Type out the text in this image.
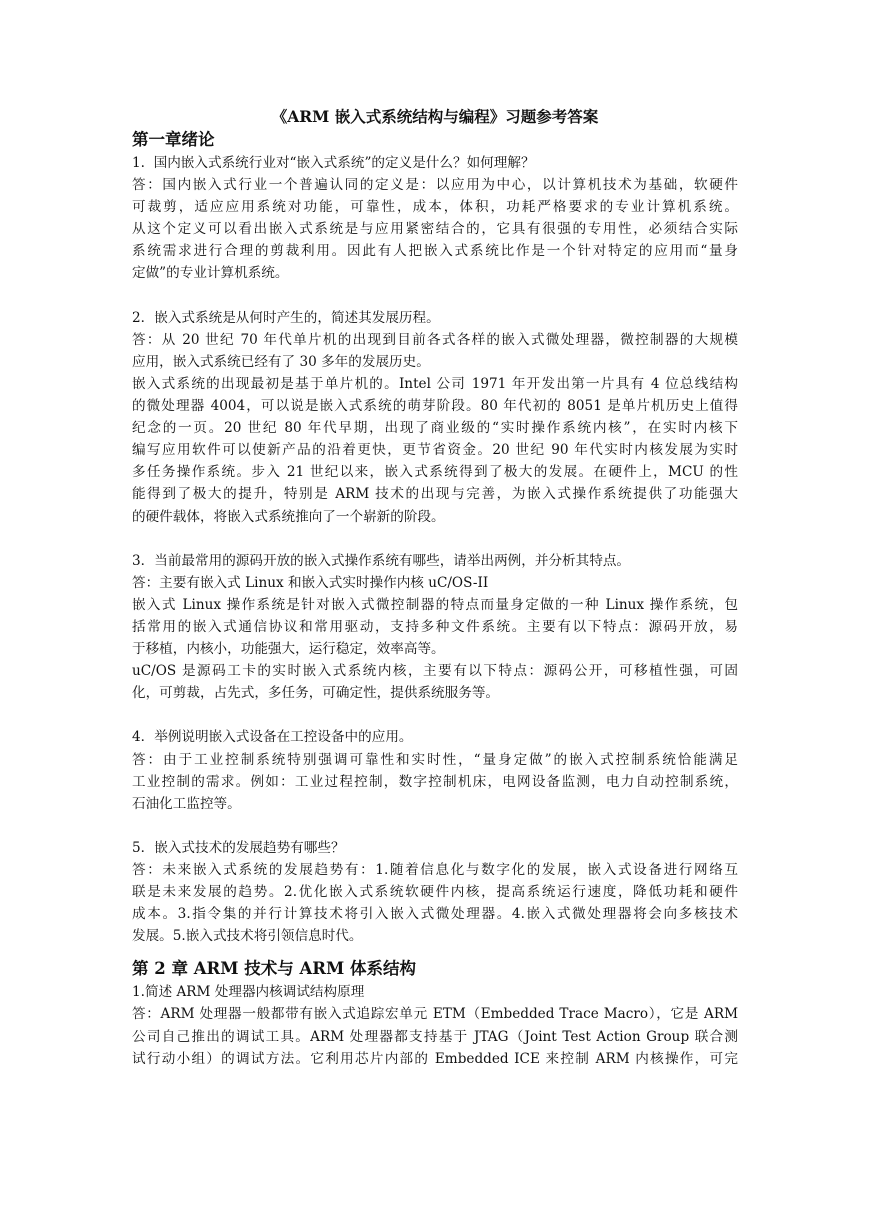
《ARM 嵌入式系统结构与编程》习题参考答案
第一章绪论
1.  国内嵌入式系统行业对“嵌入式系统”的定义是什么？如何理解？
答：国内嵌入式行业一个普遍认同的定义是：以应用为中心，以计算机技术为基础，软硬件
可裁剪，适应应用系统对功能，可靠性，成本，体积，功耗严格要求的专业计算机系统。
从这个定义可以看出嵌入式系统是与应用紧密结合的，它具有很强的专用性，必须结合实际
系统需求进行合理的剪裁利用。因此有人把嵌入式系统比作是一个针对特定的应用而“量身
定做”的专业计算机系统。
2．嵌入式系统是从何时产生的，简述其发展历程。
答：从 20 世纪 70 年代单片机的出现到目前各式各样的嵌入式微处理器，微控制器的大规模
应用，嵌入式系统已经有了 30 多年的发展历史。
嵌入式系统的出现最初是基于单片机的。Intel 公司 1971 年开发出第一片具有 4 位总线结构
的微处理器 4004，可以说是嵌入式系统的萌芽阶段。80 年代初的 8051 是单片机历史上值得
纪念的一页。20 世纪 80 年代早期，出现了商业级的“实时操作系统内核”，在实时内核下
编写应用软件可以使新产品的沿着更快，更节省资金。20 世纪 90 年代实时内核发展为实时
多任务操作系统。步入 21 世纪以来，嵌入式系统得到了极大的发展。在硬件上，MCU 的性
能得到了极大的提升，特别是 ARM 技术的出现与完善，为嵌入式操作系统提供了功能强大
的硬件载体，将嵌入式系统推向了一个崭新的阶段。
3．当前最常用的源码开放的嵌入式操作系统有哪些，请举出两例，并分析其特点。
答：主要有嵌入式 Linux 和嵌入式实时操作内核 uC/OS-II
嵌入式 Linux 操作系统是针对嵌入式微控制器的特点而量身定做的一种 Linux 操作系统，包
括常用的嵌入式通信协议和常用驱动，支持多种文件系统。主要有以下特点：源码开放，易
于移植，内核小，功能强大，运行稳定，效率高等。
uC/OS 是源码工卡的实时嵌入式系统内核，主要有以下特点：源码公开，可移植性强，可固
化，可剪裁，占先式，多任务，可确定性，提供系统服务等。
4．举例说明嵌入式设备在工控设备中的应用。
答：由于工业控制系统特别强调可靠性和实时性，“量身定做”的嵌入式控制系统恰能满足
工业控制的需求。例如：工业过程控制，数字控制机床，电网设备监测，电力自动控制系统，
石油化工监控等。
5．嵌入式技术的发展趋势有哪些？
答：未来嵌入式系统的发展趋势有：1.随着信息化与数字化的发展，嵌入式设备进行网络互
联是未来发展的趋势。2.优化嵌入式系统软硬件内核，提高系统运行速度，降低功耗和硬件
成本。3.指令集的并行计算技术将引入嵌入式微处理器。4.嵌入式微处理器将会向多核技术
发展。5.嵌入式技术将引领信息时代。
第 2 章 ARM 技术与 ARM 体系结构
1.简述 ARM 处理器内核调试结构原理
答：ARM 处理器一般都带有嵌入式追踪宏单元 ETM（Embedded Trace Macro），它是 ARM
公司自己推出的调试工具。ARM 处理器都支持基于 JTAG（Joint Test Action Group 联合测
试行动小组）的调试方法。它利用芯片内部的 Embedded ICE 来控制 ARM 内核操作，可完
